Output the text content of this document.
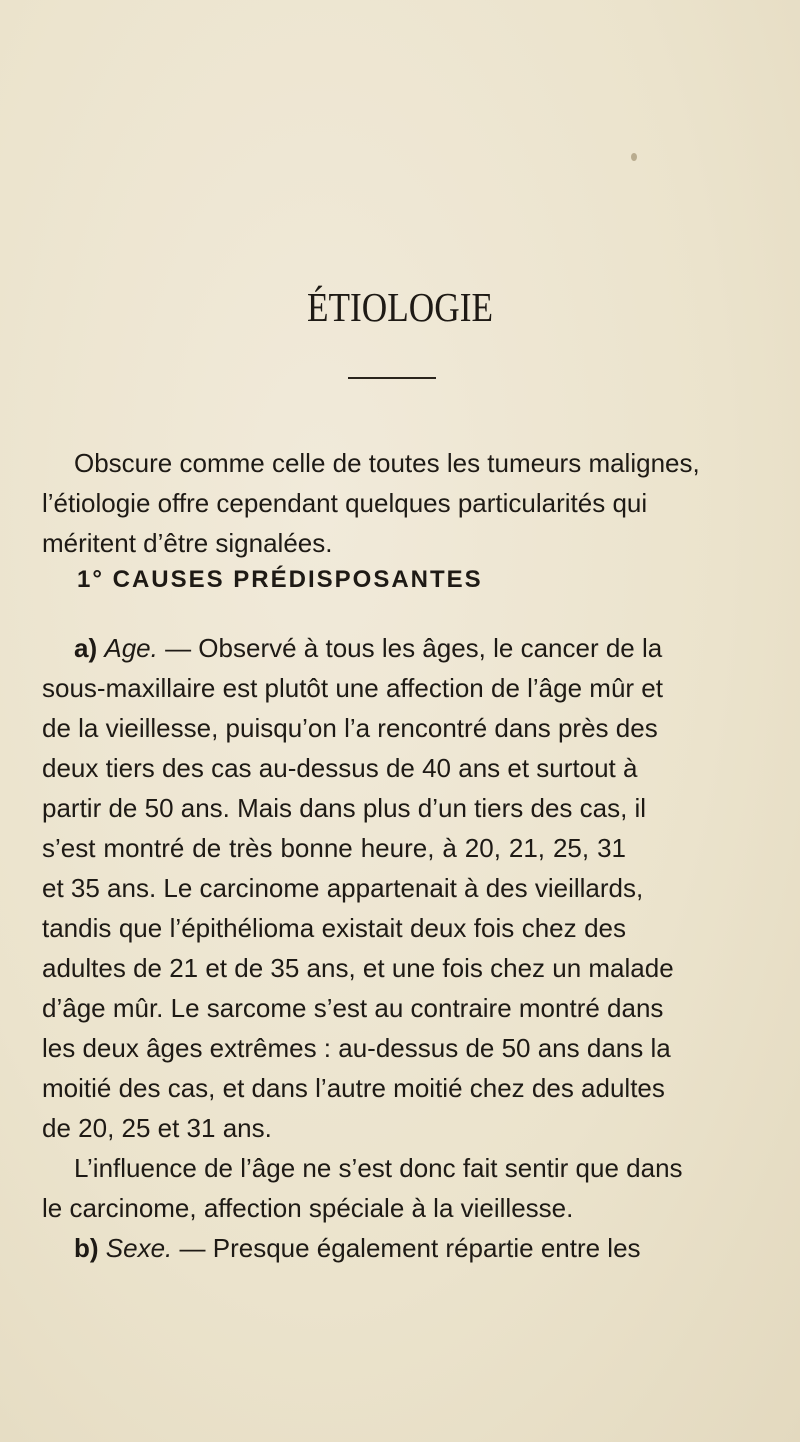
ÉTIOLOGIE
Obscure comme celle de toutes les tumeurs malignes,
l’étiologie offre cependant quelques particularités qui
méritent d’être signalées.
1° CAUSES PRÉDISPOSANTES
a) Age. — Observé à tous les âges, le cancer de la
sous-maxillaire est plutôt une affection de l’âge mûr et
de la vieillesse, puisqu’on l’a rencontré dans près des
deux tiers des cas au-dessus de 40 ans et surtout à
partir de 50 ans. Mais dans plus d’un tiers des cas, il
s’est montré de très bonne heure, à 20, 21, 25, 31
et 35 ans. Le carcinome appartenait à des vieillards,
tandis que l’épithélioma existait deux fois chez des
adultes de 21 et de 35 ans, et une fois chez un malade
d’âge mûr. Le sarcome s’est au contraire montré dans
les deux âges extrêmes : au-dessus de 50 ans dans la
moitié des cas, et dans l’autre moitié chez des adultes
de 20, 25 et 31 ans.
L’influence de l’âge ne s’est donc fait sentir que dans
le carcinome, affection spéciale à la vieillesse.
b) Sexe. — Presque également répartie entre les
